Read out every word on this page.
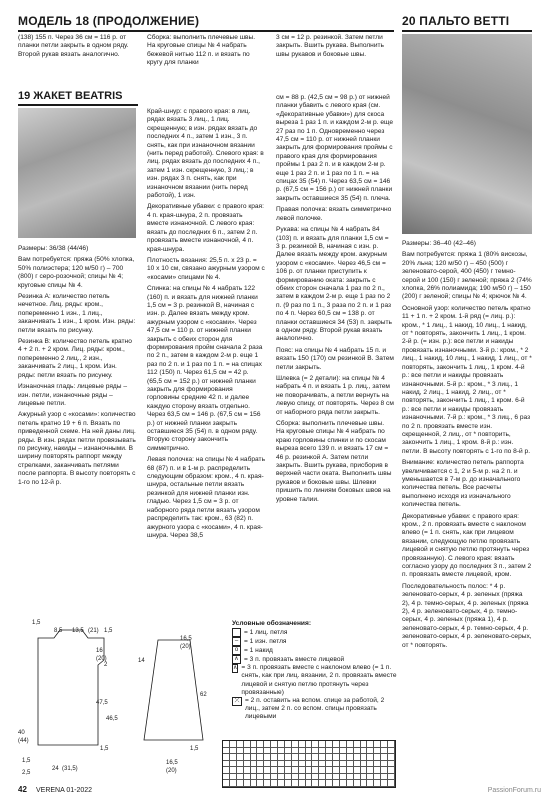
МОДЕЛЬ 18 (ПРОДОЛЖЕНИЕ)	20 ПАЛЬТО BETTI

(138) 155 п. Через 36 см = 116 р. от планки петли закрыть в одном ряду. Второй рукав вязать аналогично.

Сборка: выполнить плечевые швы. На круговые спицы № 4 набрать бежевой нитью 112 п. и вязать по кругу для планки

3 см = 12 р. резинкой. Затем петли закрыть. Вшить рукава. Выполнить швы рукавов и боковые швы.

19 ЖАКЕТ BEATRIS

Размеры: 36/38 (44/46)

Вам потребуется: пряжа (50% хлопка, 50% полиэстера; 120 м/50 г) – 700 (800) г серо-розочной; спицы № 4; круговые спицы № 4.

Резинка А: количество петель нечетное. Лиц. ряды: кром., попеременно 1 изн., 1 лиц., заканчивать 1 изн., 1 кром. Изн. ряды: петли вязать по рисунку.

Резинка В: количество петель кратно 4 + 2 п. + 2 кром. Лиц. ряды: кром., попеременно 2 лиц., 2 изн., заканчивать 2 лиц., 1 кром. Изн. ряды: петли вязать по рисунку.

Изнаночная гладь: лицевые ряды – изн. петли, изнаночные ряды – лицевые петли.

Ажурный узор с «косами»: количество петель кратно 19 + 6 п. Вязать по приведенной схеме. На ней даны лиц. ряды. В изн. рядах петли провязывать по рисунку, накиды – изнаночными. В ширину повторять раппорт между стрелками, заканчивать петлями после раппорта. В высоту повторять с 1-го по 12-й р.

Край-шнур: с правого края: в лиц. рядах вязать 3 лиц., 1 лиц. скрещенную; в изн. рядах вязать до последних 4 п., затем 1 изн., 3 п. снять, как при изнаночном вязании (нить перед работой). Слевого края: в лиц. рядах вязать до последних 4 п., затем 1 изн. скрещенную, 3 лиц.; в изн. рядах 3 п. снять, как при изнаночном вязании (нить перед работой), 1 изн.

Декоративные убавки: с правого края: 4 п. края-шнура, 2 п. провязать вместе изнаночной. С левого края: вязать до последних 6 п., затем 2 п. провязать вместе изнаночной, 4 п. края-шнура.

Плотность вязания: 25,5 п. х 23 р. = 10 х 10 см, связано ажурным узором с «косами» спицами № 4.

Спинка: на спицы № 4 набрать 122 (160) п. и вязать для нижней планки 1,5 см = 3 р. резинкой В, начиная с изн. р. Далее вязать между кром. ажурным узором с «косами». Через 47,5 см = 110 р. от нижней планки закрыть с обеих сторон для формирования пройм сначала 2 раза по 2 п., затем в каждом 2-м р. еще 1 раз по 2 п. и 1 раз по 1 п. = на спицах 112 (150) п. Через 61,5 см = 42 р. (65,5 см = 152 р.) от нижней планки закрыть для формирования горловины средние 42 п. и далее каждую сторону вязать отдельно. Через 63,5 см = 146 р. (67,5 см = 156 р.) от нижней планки закрыть оставшиеся 35 (54) п. в одном ряду. Вторую сторону закончить симметрично.

Левая полочка: на спицы № 4 набрать 68 (87) п. и в 1-м р. распределить следующим образом: кром., 4 п. края-шнура, остальные петли вязать резинкой для нижней планки изн. гладью. Через 1,5 см = 3 р. от наборного ряда петли вязать узором распределить так: кром., 63 (82) п. ажурного узора с «косами», 4 п. края-шнура. Через 38,5

см = 88 р. (42,5 см = 98 р.) от нижней планки убавить с левого края (см. «Декоративные убавки») для скоса выреза 1 раз 1 п. и каждом 2-м р. еще 27 раз по 1 п. Одновременно через 47,5 см = 110 р. от нижней планки закрыть для формирования проймы с правого края для формирования проймы 1 раз 2 п. и в каждом 2-м р. еще 1 раз 2 п. и 1 раз по 1 п. = на спицах 35 (54) п. Через 63,5 см = 146 р. (67,5 см = 156 р.) от нижней планки закрыть оставшиеся 35 (54) п. плеча.

Правая полочка: вязать симметрично левой полочке.

Рукава: на спицы № 4 набрать 84 (103) п. и вязать для планки 1,5 см = 3 р. резинкой В, начиная с изн. р. Далее вязать между кром. ажурным узором с «косами». Через 46,5 см = 106 р. от планки приступить к формированию оката: закрыть с обеих сторон сначала 1 раз по 2 п., затем в каждом 2-м р. еще 1 раз по 2 п. (9 раз по 1 п., 3 раза по 2 п. и 1 раз по 4 п. Через 60,5 см = 138 р. от планки оставшиеся 34 (53) п. закрыть в одном ряду. Второй рукав вязать аналогично.

Пояс: на спицы № 4 набрать 15 п. и вязать 150 (170) см резинкой В. Затем петли закрыть.

Шлевка (= 2 детали): на спицы № 4 набрать 4 п. и вязать 1 р. лиц., затем не поворачивать, а петли вернуть на левую спицу, от повторять. Через 8 см от наборного ряда петли закрыть.

Сборка: выполнить плечевые швы. На круговые спицы № 4 набрать по краю горловины спинки и по скосам выреза всего 139 п. и вязать 17 см = 46 р. резинкой А. Затем петли закрыть. Вшить рукава, присборив в верхней части оката. Выполнить швы рукавов и боковые швы. Шлевки пришить по линиям боковых швов на уровне талии.

Размеры: 36–40 (42–46)

Вам потребуется: пряжа 1 (80% вискозы, 20% льна; 120 м/50 г) – 450 (500) г зеленовато-серой, 400 (450) г темно-серой и 100 (150) г зеленой; пряжа 2 (74% хлопка, 26% полиамида; 190 м/50 г) – 150 (200) г зеленой; спицы № 4; крючок № 4.

Основной узор: количество петель кратно 11 + 1 п. + 2 кром. 1-й ряд (= лиц. р.): кром., * 1 лиц., 1 накид, 10 лиц., 1 накид, от * повторять, закончить 1 лиц., 1 кром. 2-й р. (= изн. р.): все петли и накиды провязать изнаночными. 3-й р.: кром., * 2 лиц., 1 накид, 10 лиц., 1 накид, 1 лиц., от * повторять, закончить 1 лиц., 1 кром. 4-й р.: все петли и накиды провязать изнаночными. 5-й р.: кром., * 3 лиц., 1 накид, 2 лиц., 1 накид, 2 лиц., от * повторять, закончить 1 лиц., 1 кром. 6-й р.: все петли и накиды провязать изнаночными. 7-й р.: кром., * 3 лиц., 6 раз по 2 п. провязать вместе изн. скрещенной, 2 лиц., от * повторить, закончить 1 лиц., 1 кром. 8-й р.: изн. петли. В высоту повторять с 1-го по 8-й р.

Внимание: количество петель раппорта увеличивается с 1, 2 и 5-м р. на 2 п. и уменьшается в 7-м р. до изначального количества петель. Все расчеты выполнено исходя из изначального количества петель.

Декоративные убавки: с правого края: кром., 2 п. провязать вместе с наклоном влево (= 1 п. снять, как при лицевом вязании, следующую петлю провязать лицевой и снятую петлю протянуть через провязанную). С левого края: вязать согласно узору до последних 3 п., затем 2 п. провязать вместе лицевой, кром.

Последовательность полос: * 4 р. зеленовато-серых, 4 р. зеленых (пряжа 2), 4 р. темно-серых, 4 р. зеленых (пряжа 2), 4 р. зеленовато-серых, 4 р. темно-серых, 4 р. зеленых (пряжа 1), 4 р. зеленовато-серых, 4 р. темно-серых, 4 р. зеленовато-серых, 4 р. зеленовато-серых, от * повторять.

1,5
8,5 13,5 (21) 1,5
16
(20)	14
2
47,5
46,5
40
(44)
24 (31,5)
1,5
1,5
2,5
16,5
(20)
62
1,5
16,5
(20)
Условные обозначения:
= 1 лиц. петля
– = 1 изн. петля
o = 1 накид
∧ = 3 п. провязать вместе лицевой
∧ = 3 п. провязать вместе с наклоном влево (= 1 п. снять, как при лиц. вязании, 2 п. провязать вместе лицевой и снятую петлю протянуть через провязанные)
⤫ = 2 п. оставить на вспом. спице за работой, 2 лиц., затем 2 п. со вспом. спицы провязать лицевыми
42 VERENA 01-2022	PassionForum.ru
